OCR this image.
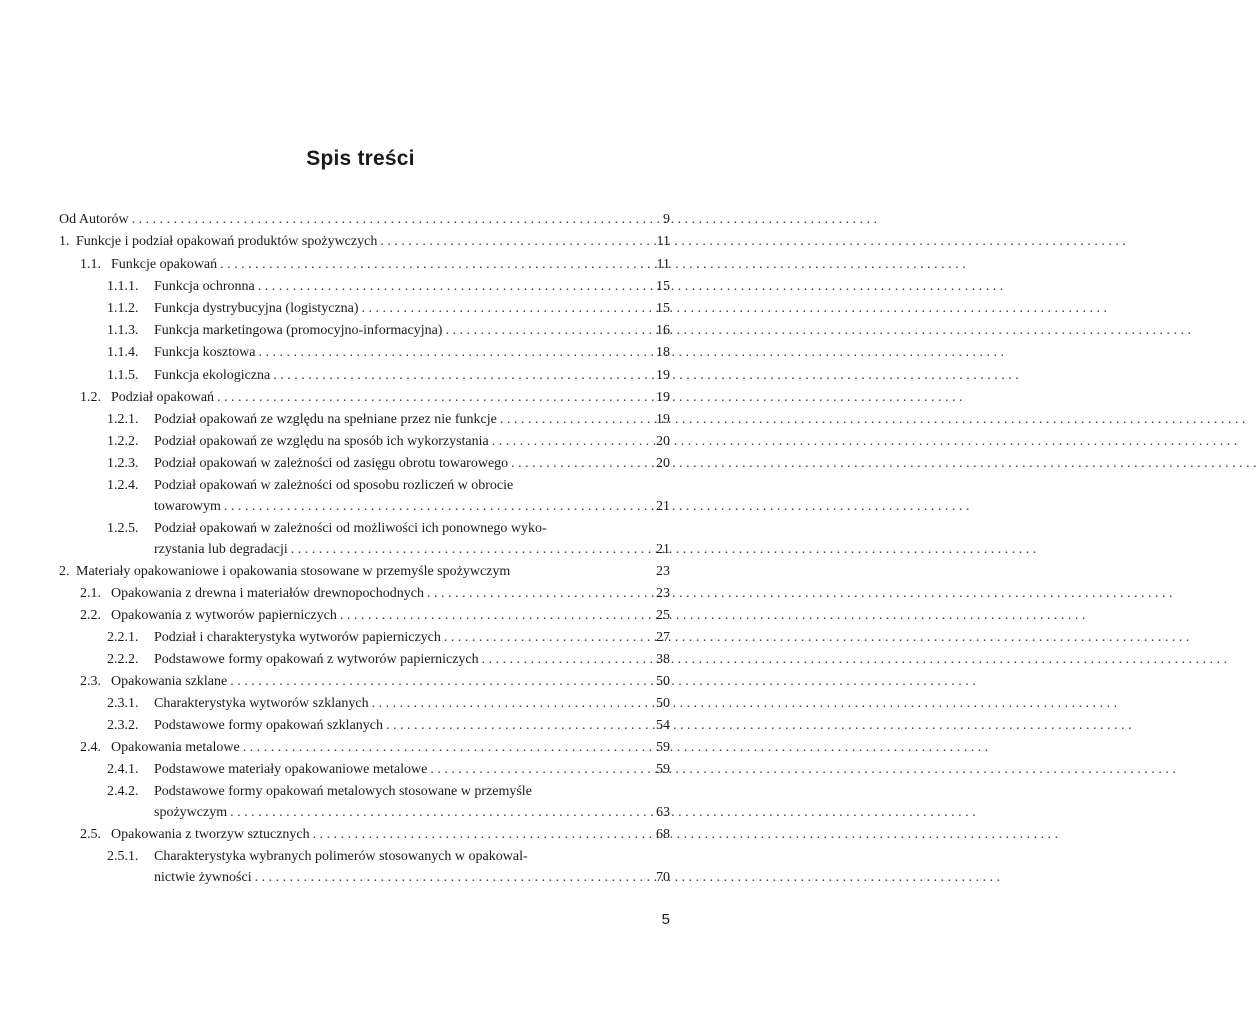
Spis treści
Od Autorów . . .	9
1. Funkcje i podział opakowań produktów spożywczych . . .	11
1.1. Funkcje opakowań . . .	11
1.1.1.	Funkcja ochronna . . .	15
1.1.2.	Funkcja dystrybucyjna (logistyczna) . . .	15
1.1.3.	Funkcja marketingowa (promocyjno-informacyjna) . . .	16
1.1.4.	Funkcja kosztowa . . .	18
1.1.5.	Funkcja ekologiczna . . .	19
1.2. Podział opakowań . . .	19
1.2.1.	Podział opakowań ze względu na spełniane przez nie funkcje . . .	19
1.2.2.	Podział opakowań ze względu na sposób ich wykorzystania . . .	20
1.2.3.	Podział opakowań w zależności od zasięgu obrotu towarowego . . .	20
1.2.4.	Podział opakowań w zależności od sposobu rozliczeń w obrocie
towarowym . . .	21
1.2.5.	Podział opakowań w zależności od możliwości ich ponownego wyko-
rzystania lub degradacji . . .	21
2. Materiały opakowaniowe i opakowania stosowane w przemyśle spożywczym	23
2.1. Opakowania z drewna i materiałów drewnopochodnych . . .	23
2.2. Opakowania z wytworów papierniczych . . .	25
2.2.1.	Podział i charakterystyka wytworów papierniczych . . .	27
2.2.2.	Podstawowe formy opakowań z wytworów papierniczych . . .	38
2.3. Opakowania szklane . . .	50
2.3.1.	Charakterystyka wytworów szklanych . . .	50
2.3.2.	Podstawowe formy opakowań szklanych . . .	54
2.4. Opakowania metalowe . . .	59
2.4.1.	Podstawowe materiały opakowaniowe metalowe . . .	59
2.4.2.	Podstawowe formy opakowań metalowych stosowane w przemyśle
spożywczym . . .	63
2.5. Opakowania z tworzyw sztucznych . . .	68
2.5.1.	Charakterystyka wybranych polimerów stosowanych w opakowal-
nictwie żywności . . .	70
5
